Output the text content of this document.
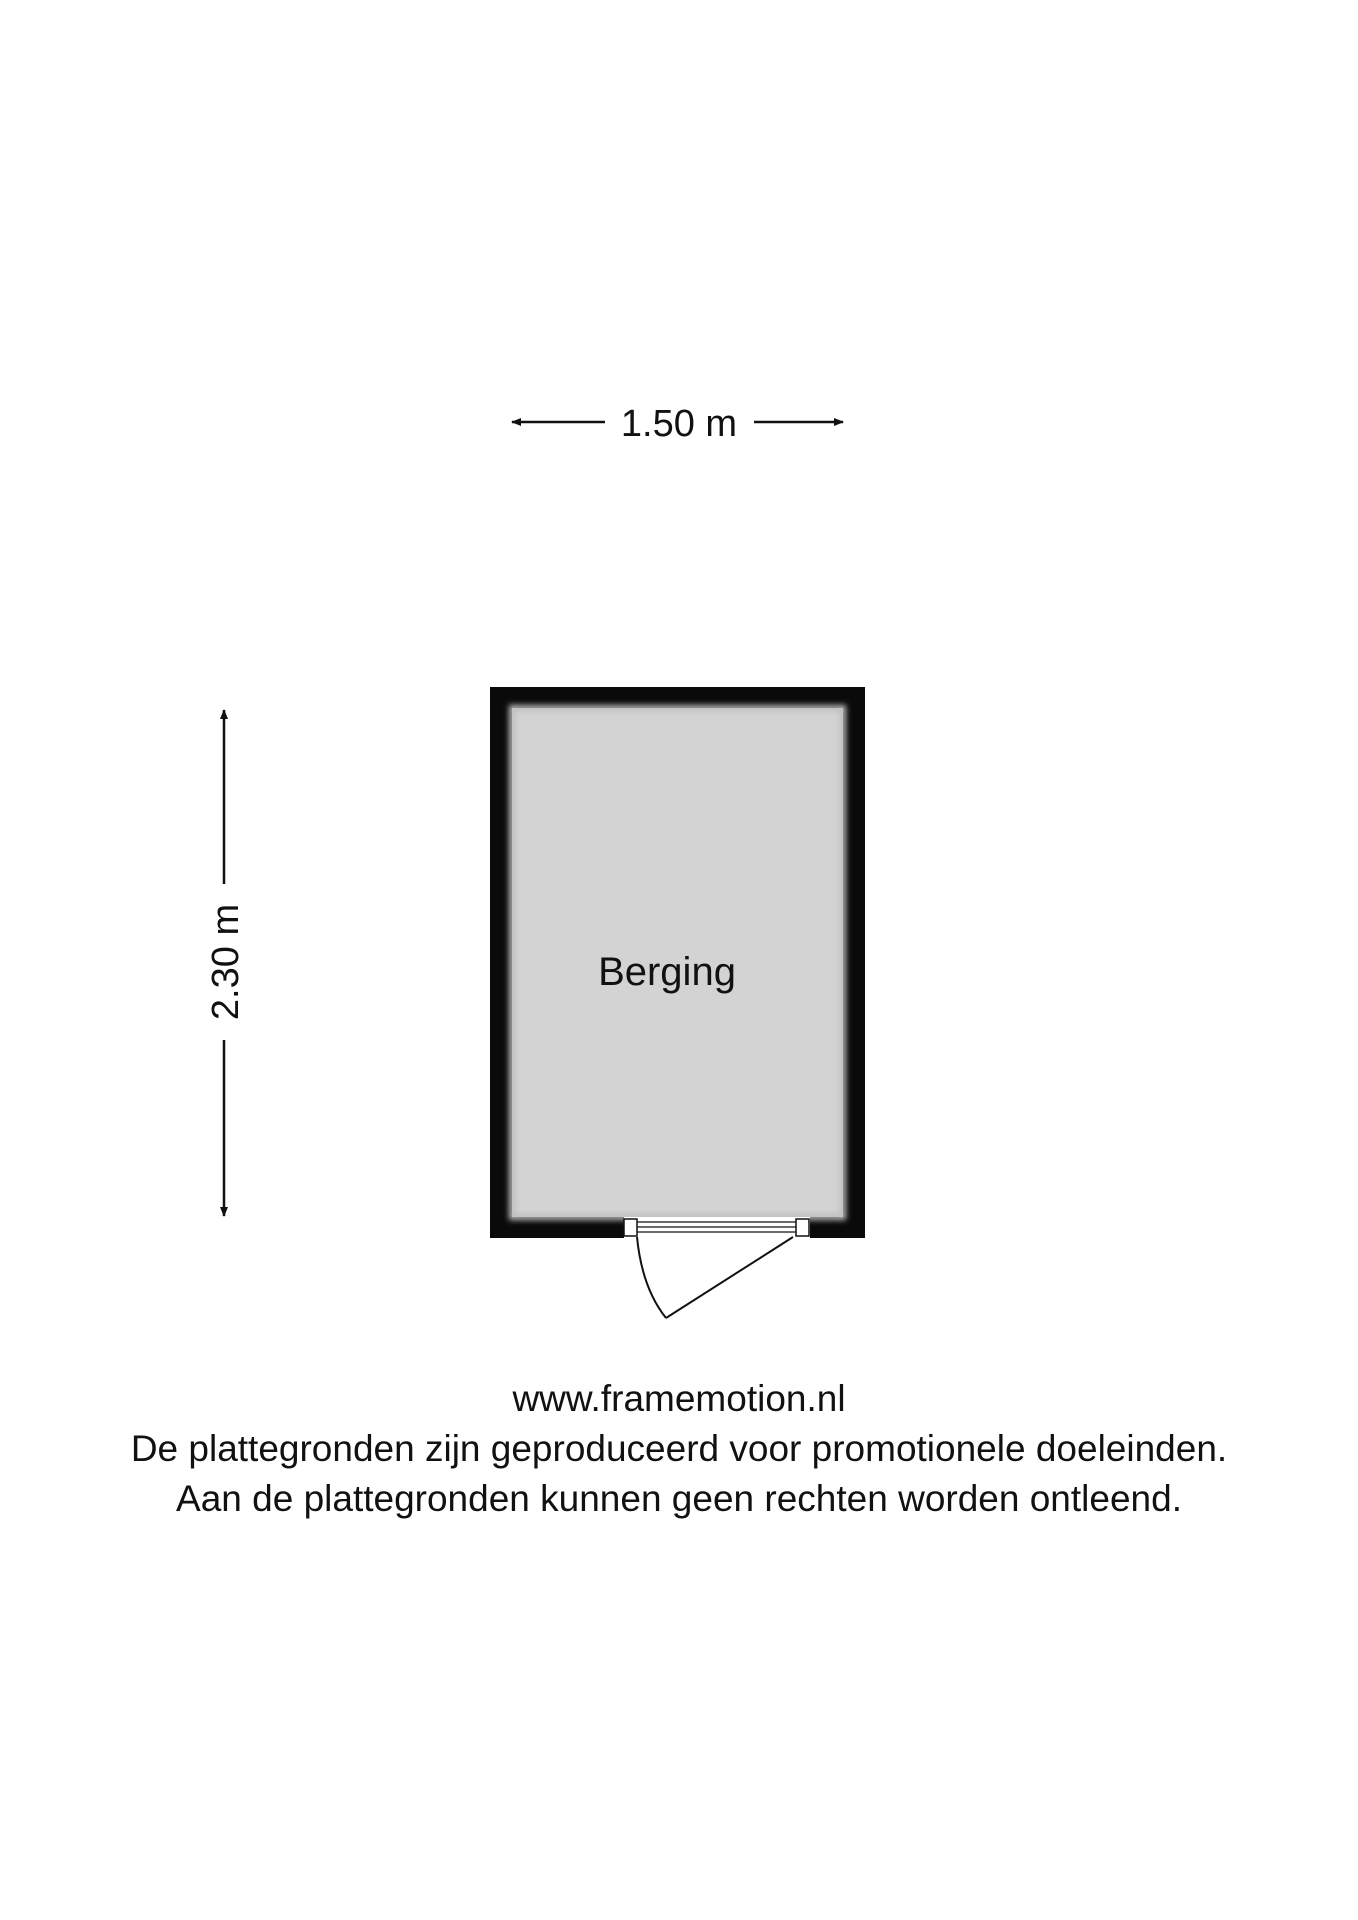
1.50 m
2.30 m	Berging
www.framemotion.nl
De plattegronden zijn geproduceerd voor promotionele doeleinden.
Aan de plattegronden kunnen geen rechten worden ontleend.
